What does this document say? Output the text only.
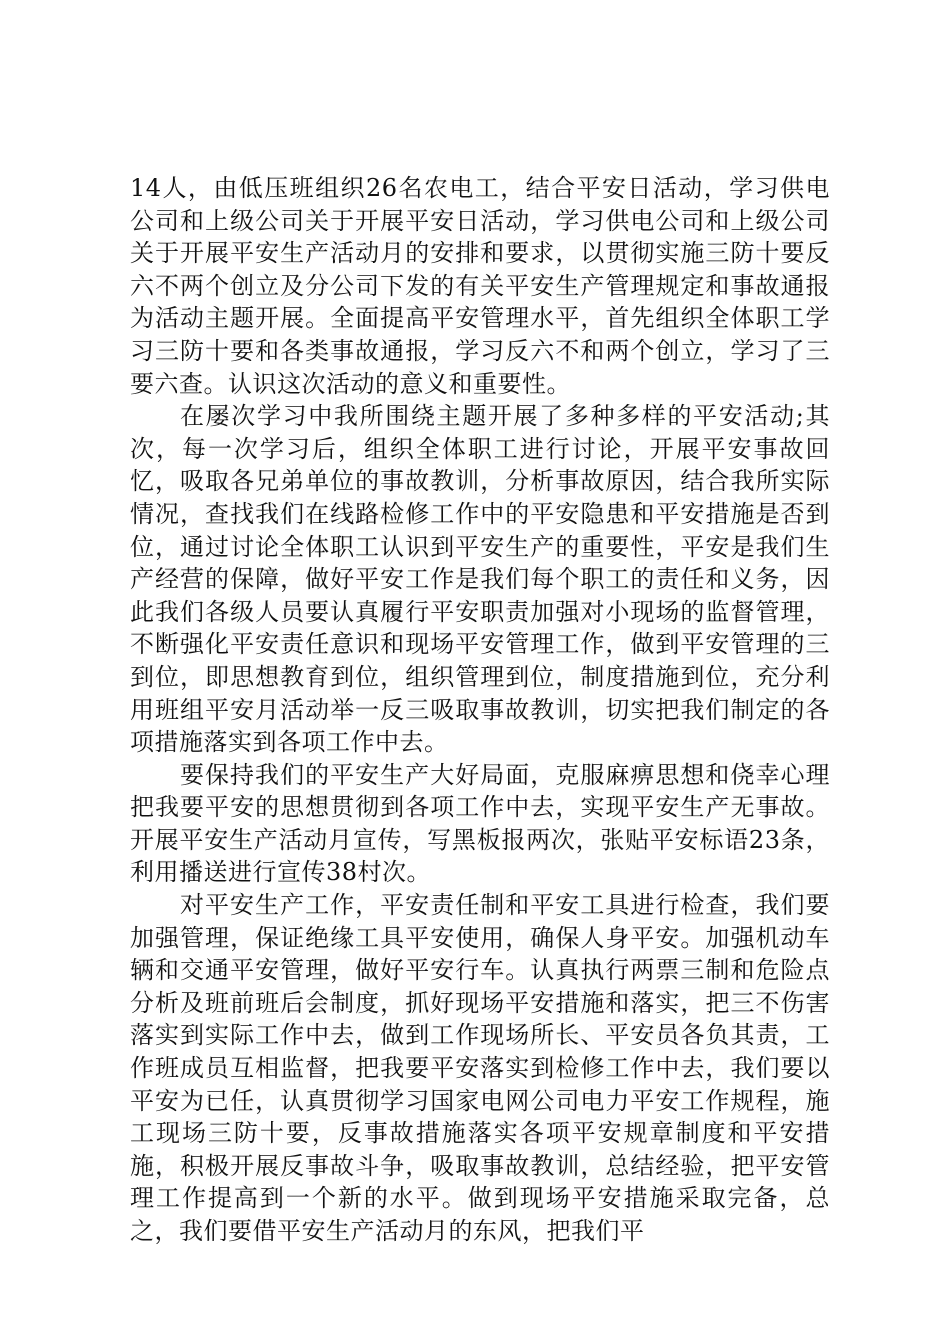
14人，由低压班组织26名农电工，结合平安日活动，学习供电公司和上级公司关于开展平安日活动，学习供电公司和上级公司关于开展平安生产活动月的安排和要求，以贯彻实施三防十要反六不两个创立及分公司下发的有关平安生产管理规定和事故通报为活动主题开展。全面提高平安管理水平，首先组织全体职工学习三防十要和各类事故通报，学习反六不和两个创立，学习了三要六查。认识这次活动的意义和重要性。

在屡次学习中我所围绕主题开展了多种多样的平安活动;其次，每一次学习后，组织全体职工进行讨论，开展平安事故回忆，吸取各兄弟单位的事故教训，分析事故原因，结合我所实际情况，查找我们在线路检修工作中的平安隐患和平安措施是否到位，通过讨论全体职工认识到平安生产的重要性，平安是我们生产经营的保障，做好平安工作是我们每个职工的责任和义务，因此我们各级人员要认真履行平安职责加强对小现场的监督管理，不断强化平安责任意识和现场平安管理工作，做到平安管理的三到位，即思想教育到位，组织管理到位，制度措施到位，充分利用班组平安月活动举一反三吸取事故教训，切实把我们制定的各项措施落实到各项工作中去。

要保持我们的平安生产大好局面，克服麻痹思想和侥幸心理把我要平安的思想贯彻到各项工作中去，实现平安生产无事故。开展平安生产活动月宣传，写黑板报两次，张贴平安标语23条，利用播送进行宣传38村次。

对平安生产工作，平安责任制和平安工具进行检查，我们要加强管理，保证绝缘工具平安使用，确保人身平安。加强机动车辆和交通平安管理，做好平安行车。认真执行两票三制和危险点分析及班前班后会制度，抓好现场平安措施和落实，把三不伤害落实到实际工作中去，做到工作现场所长、平安员各负其责，工作班成员互相监督，把我要平安落实到检修工作中去，我们要以平安为已任，认真贯彻学习国家电网公司电力平安工作规程，施工现场三防十要，反事故措施落实各项平安规章制度和平安措施，积极开展反事故斗争，吸取事故教训，总结经验，把平安管理工作提高到一个新的水平。做到现场平安措施采取完备，总之，我们要借平安生产活动月的东风，把我们平
